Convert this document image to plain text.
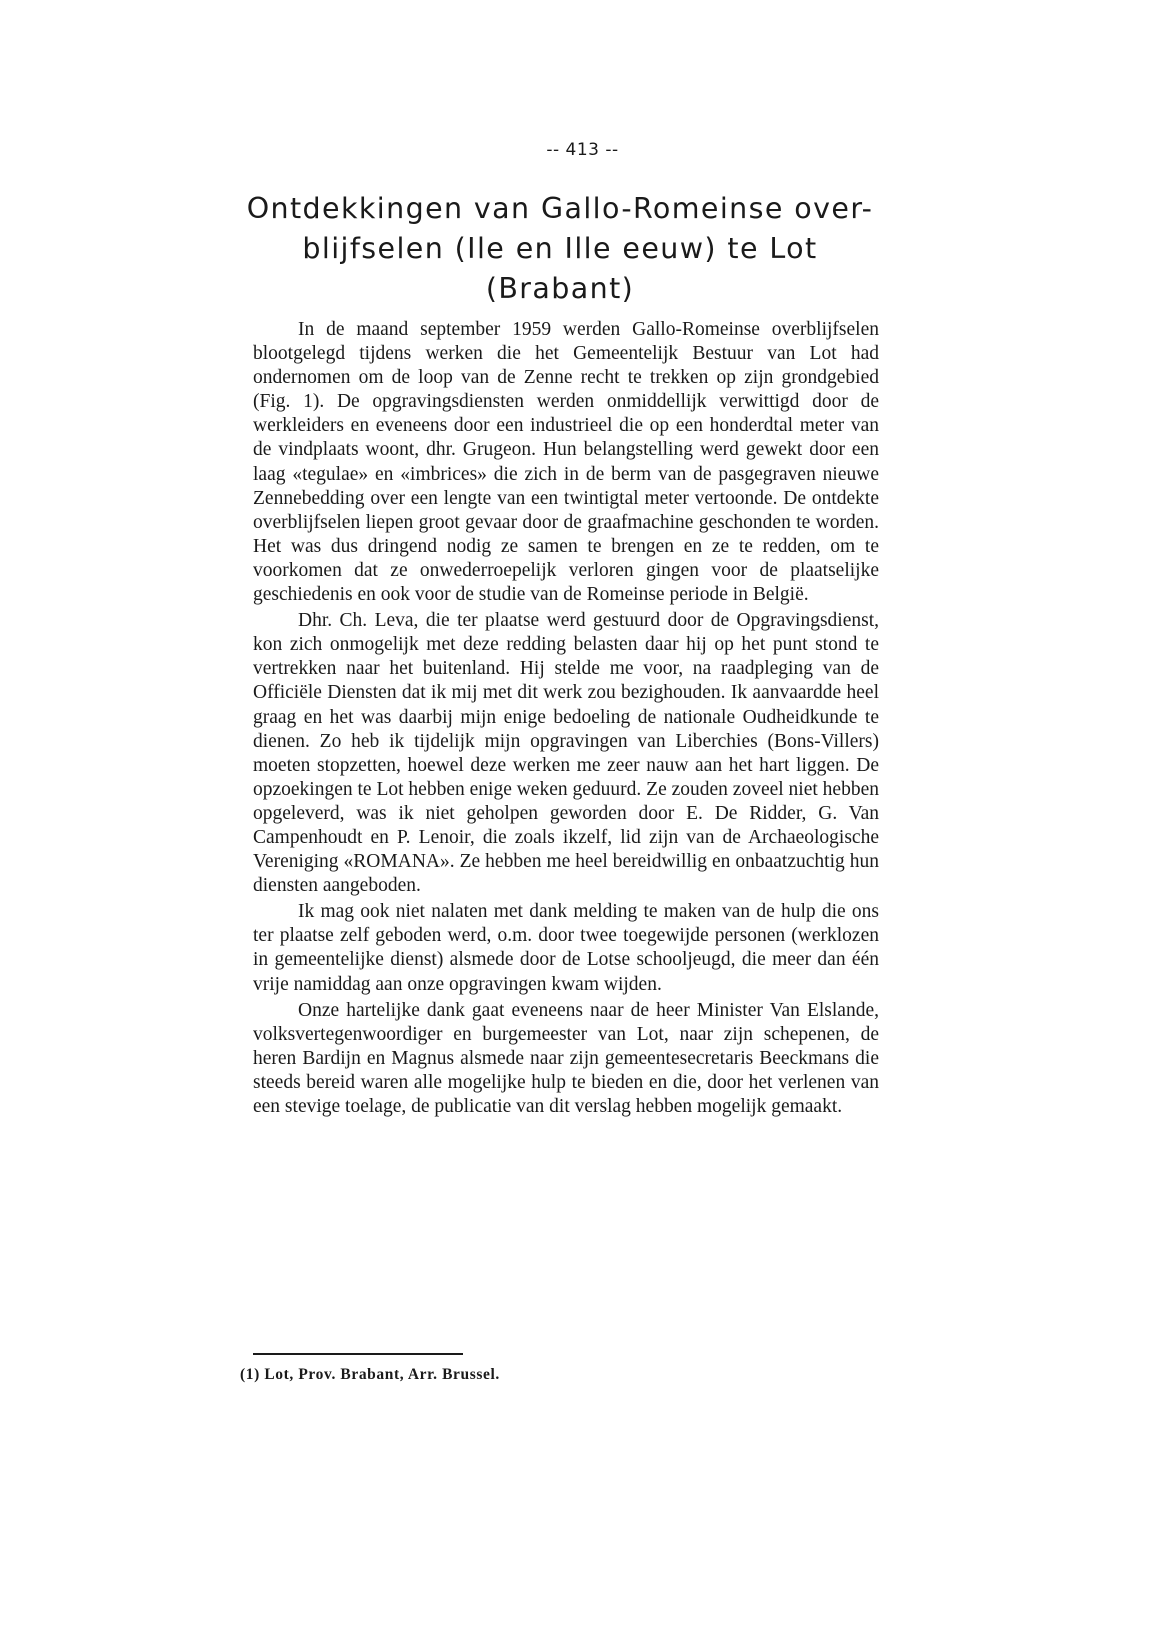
-- 413 --
Ontdekkingen van Gallo-Romeinse over-
blijfselen (Ile en Ille eeuw) te Lot
(Brabant)

In de maand september 1959 werden Gallo-Romeinse overblijfselen blootgelegd tijdens werken die het Gemeentelijk Bestuur van Lot had ondernomen om de loop van de Zenne recht te trekken op zijn grondgebied (Fig. 1). De opgravingsdiensten werden onmiddellijk verwittigd door de werkleiders en eveneens door een industrieel die op een honderdtal meter van de vindplaats woont, dhr. Grugeon. Hun belangstelling werd gewekt door een laag «tegulae» en «imbrices» die zich in de berm van de pasgegraven nieuwe Zennebedding over een lengte van een twintigtal meter vertoonde. De ontdekte overblijfselen liepen groot gevaar door de graafmachine geschonden te worden. Het was dus dringend nodig ze samen te brengen en ze te redden, om te voorkomen dat ze onwederroepelijk verloren gingen voor de plaatselijke geschiedenis en ook voor de studie van de Romeinse periode in België.

Dhr. Ch. Leva, die ter plaatse werd gestuurd door de Opgravingsdienst, kon zich onmogelijk met deze redding belasten daar hij op het punt stond te vertrekken naar het buitenland. Hij stelde me voor, na raadpleging van de Officiële Diensten dat ik mij met dit werk zou bezighouden. Ik aanvaardde heel graag en het was daarbij mijn enige bedoeling de nationale Oudheidkunde te dienen. Zo heb ik tijdelijk mijn opgravingen van Liberchies (Bons-Villers) moeten stopzetten, hoewel deze werken me zeer nauw aan het hart liggen. De opzoekingen te Lot hebben enige weken geduurd. Ze zouden zoveel niet hebben opgeleverd, was ik niet geholpen geworden door E. De Ridder, G. Van Campenhoudt en P. Lenoir, die zoals ikzelf, lid zijn van de Archaeologische Vereniging «ROMANA». Ze hebben me heel bereidwillig en onbaatzuchtig hun diensten aangeboden.

Ik mag ook niet nalaten met dank melding te maken van de hulp die ons ter plaatse zelf geboden werd, o.m. door twee toegewijde personen (werklozen in gemeentelijke dienst) alsmede door de Lotse schooljeugd, die meer dan één vrije namiddag aan onze opgravingen kwam wijden.

Onze hartelijke dank gaat eveneens naar de heer Minister Van Elslande, volksvertegenwoordiger en burgemeester van Lot, naar zijn schepenen, de heren Bardijn en Magnus alsmede naar zijn gemeentesecretaris Beeckmans die steeds bereid waren alle mogelijke hulp te bieden en die, door het verlenen van een stevige toelage, de publicatie van dit verslag hebben mogelijk gemaakt.

(1) Lot, Prov. Brabant, Arr. Brussel.
